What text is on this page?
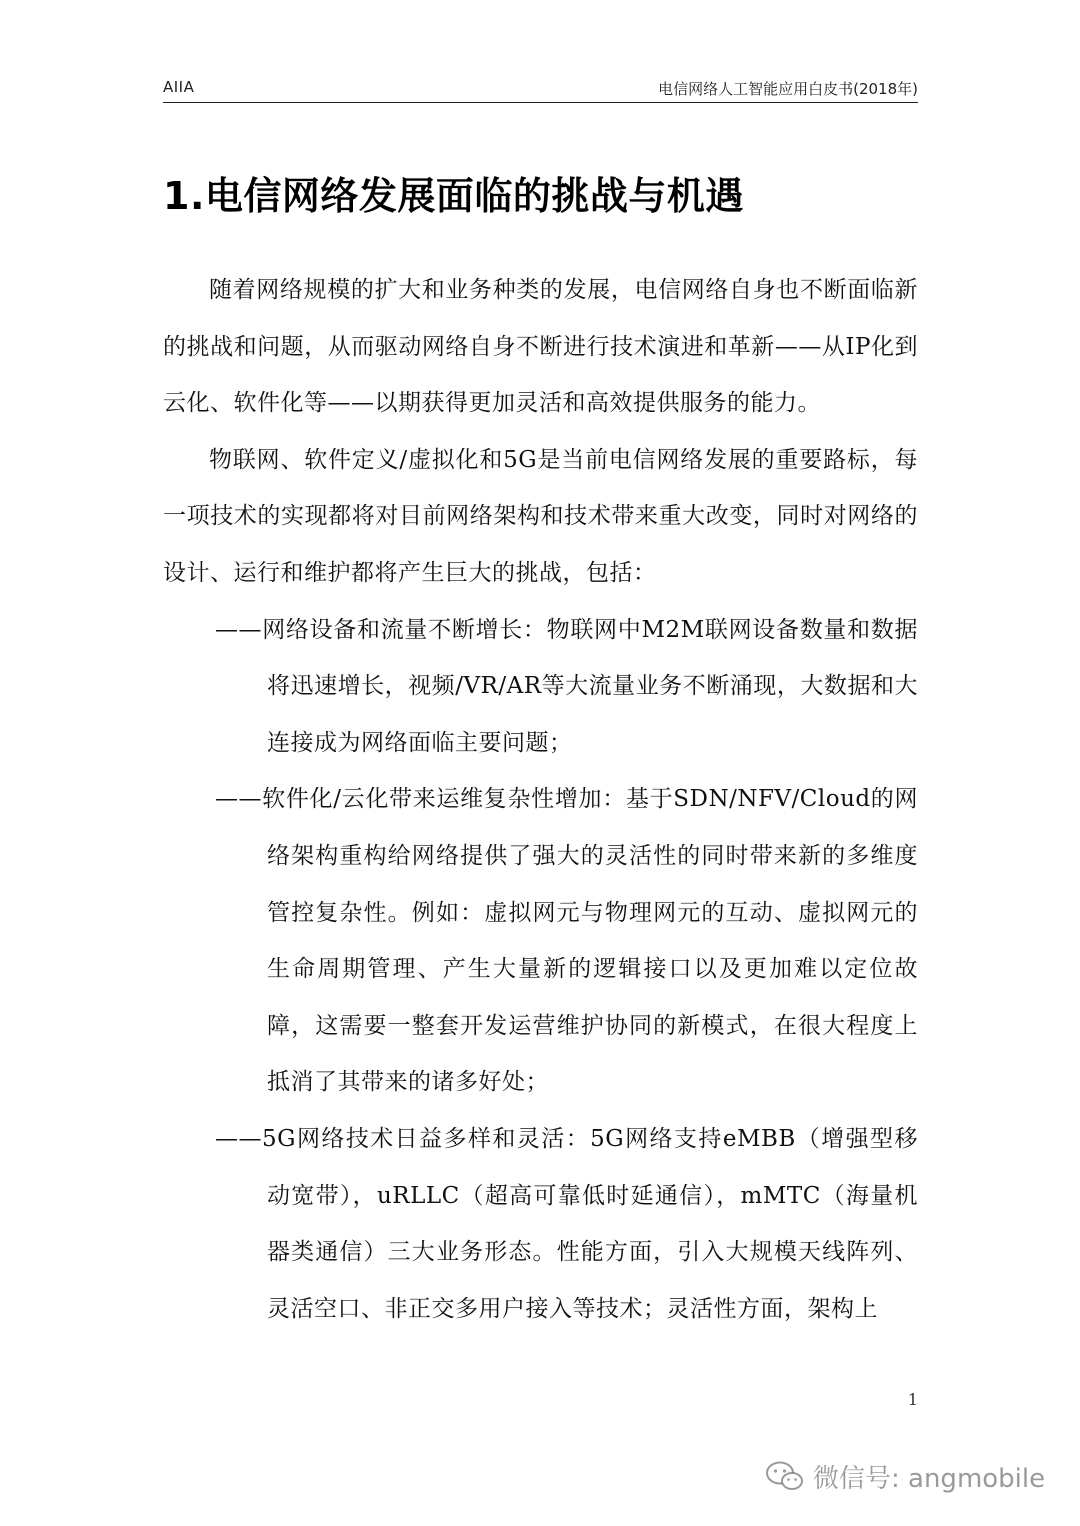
AIIA	电信网络人工智能应用白皮书(2018年)
1.电信网络发展面临的挑战与机遇

随着网络规模的扩大和业务种类的发展，电信网络自身也不断面临新的挑战和问题，从而驱动网络自身不断进行技术演进和革新——从IP化到云化、软件化等——以期获得更加灵活和高效提供服务的能力。

物联网、软件定义/虚拟化和5G是当前电信网络发展的重要路标，每一项技术的实现都将对目前网络架构和技术带来重大改变，同时对网络的设计、运行和维护都将产生巨大的挑战，包括：

——网络设备和流量不断增长：物联网中M2M联网设备数量和数据将迅速增长，视频/VR/AR等大流量业务不断涌现，大数据和大连接成为网络面临主要问题；

——软件化/云化带来运维复杂性增加：基于SDN/NFV/Cloud的网络架构重构给网络提供了强大的灵活性的同时带来新的多维度管控复杂性。例如：虚拟网元与物理网元的互动、虚拟网元的生命周期管理、产生大量新的逻辑接口以及更加难以定位故障，这需要一整套开发运营维护协同的新模式，在很大程度上抵消了其带来的诸多好处；

——5G网络技术日益多样和灵活：5G网络支持eMBB（增强型移动宽带），uRLLC（超高可靠低时延通信），mMTC（海量机器类通信）三大业务形态。性能方面，引入大规模天线阵列、灵活空口、非正交多用户接入等技术；灵活性方面，架构上

1
微信号: angmobile
